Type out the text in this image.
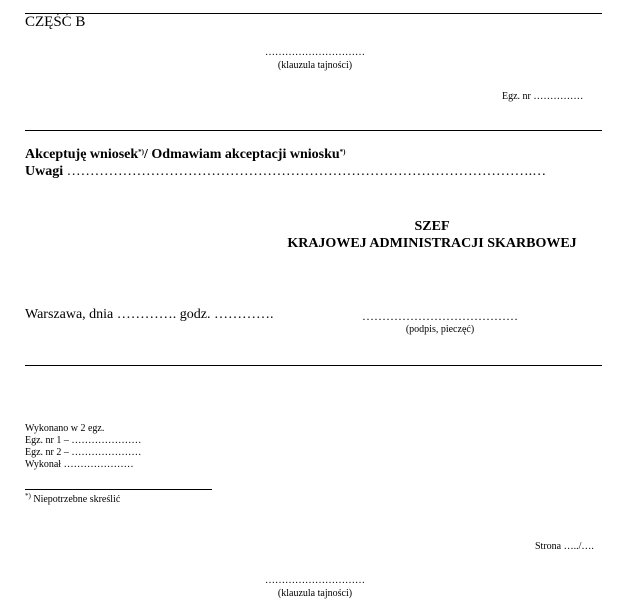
CZĘŚĆ B
…………………………
(klauzula tajności)
Egz. nr ……………
Akceptuję wniosek*)/ Odmawiam akceptacji wniosku*)
Uwagi ……………………………………………………………………………………….…
SZEF
KRAJOWEJ ADMINISTRACJI SKARBOWEJ
Warszawa, dnia …………. godz. ………….	…………………………………
(podpis, pieczęć)
Wykonano w 2 egz.
Egz. nr 1 – …………………
Egz. nr 2 – …………………
Wykonał …………………
*) Niepotrzebne skreślić
Strona …../….
…………………………
(klauzula tajności)
